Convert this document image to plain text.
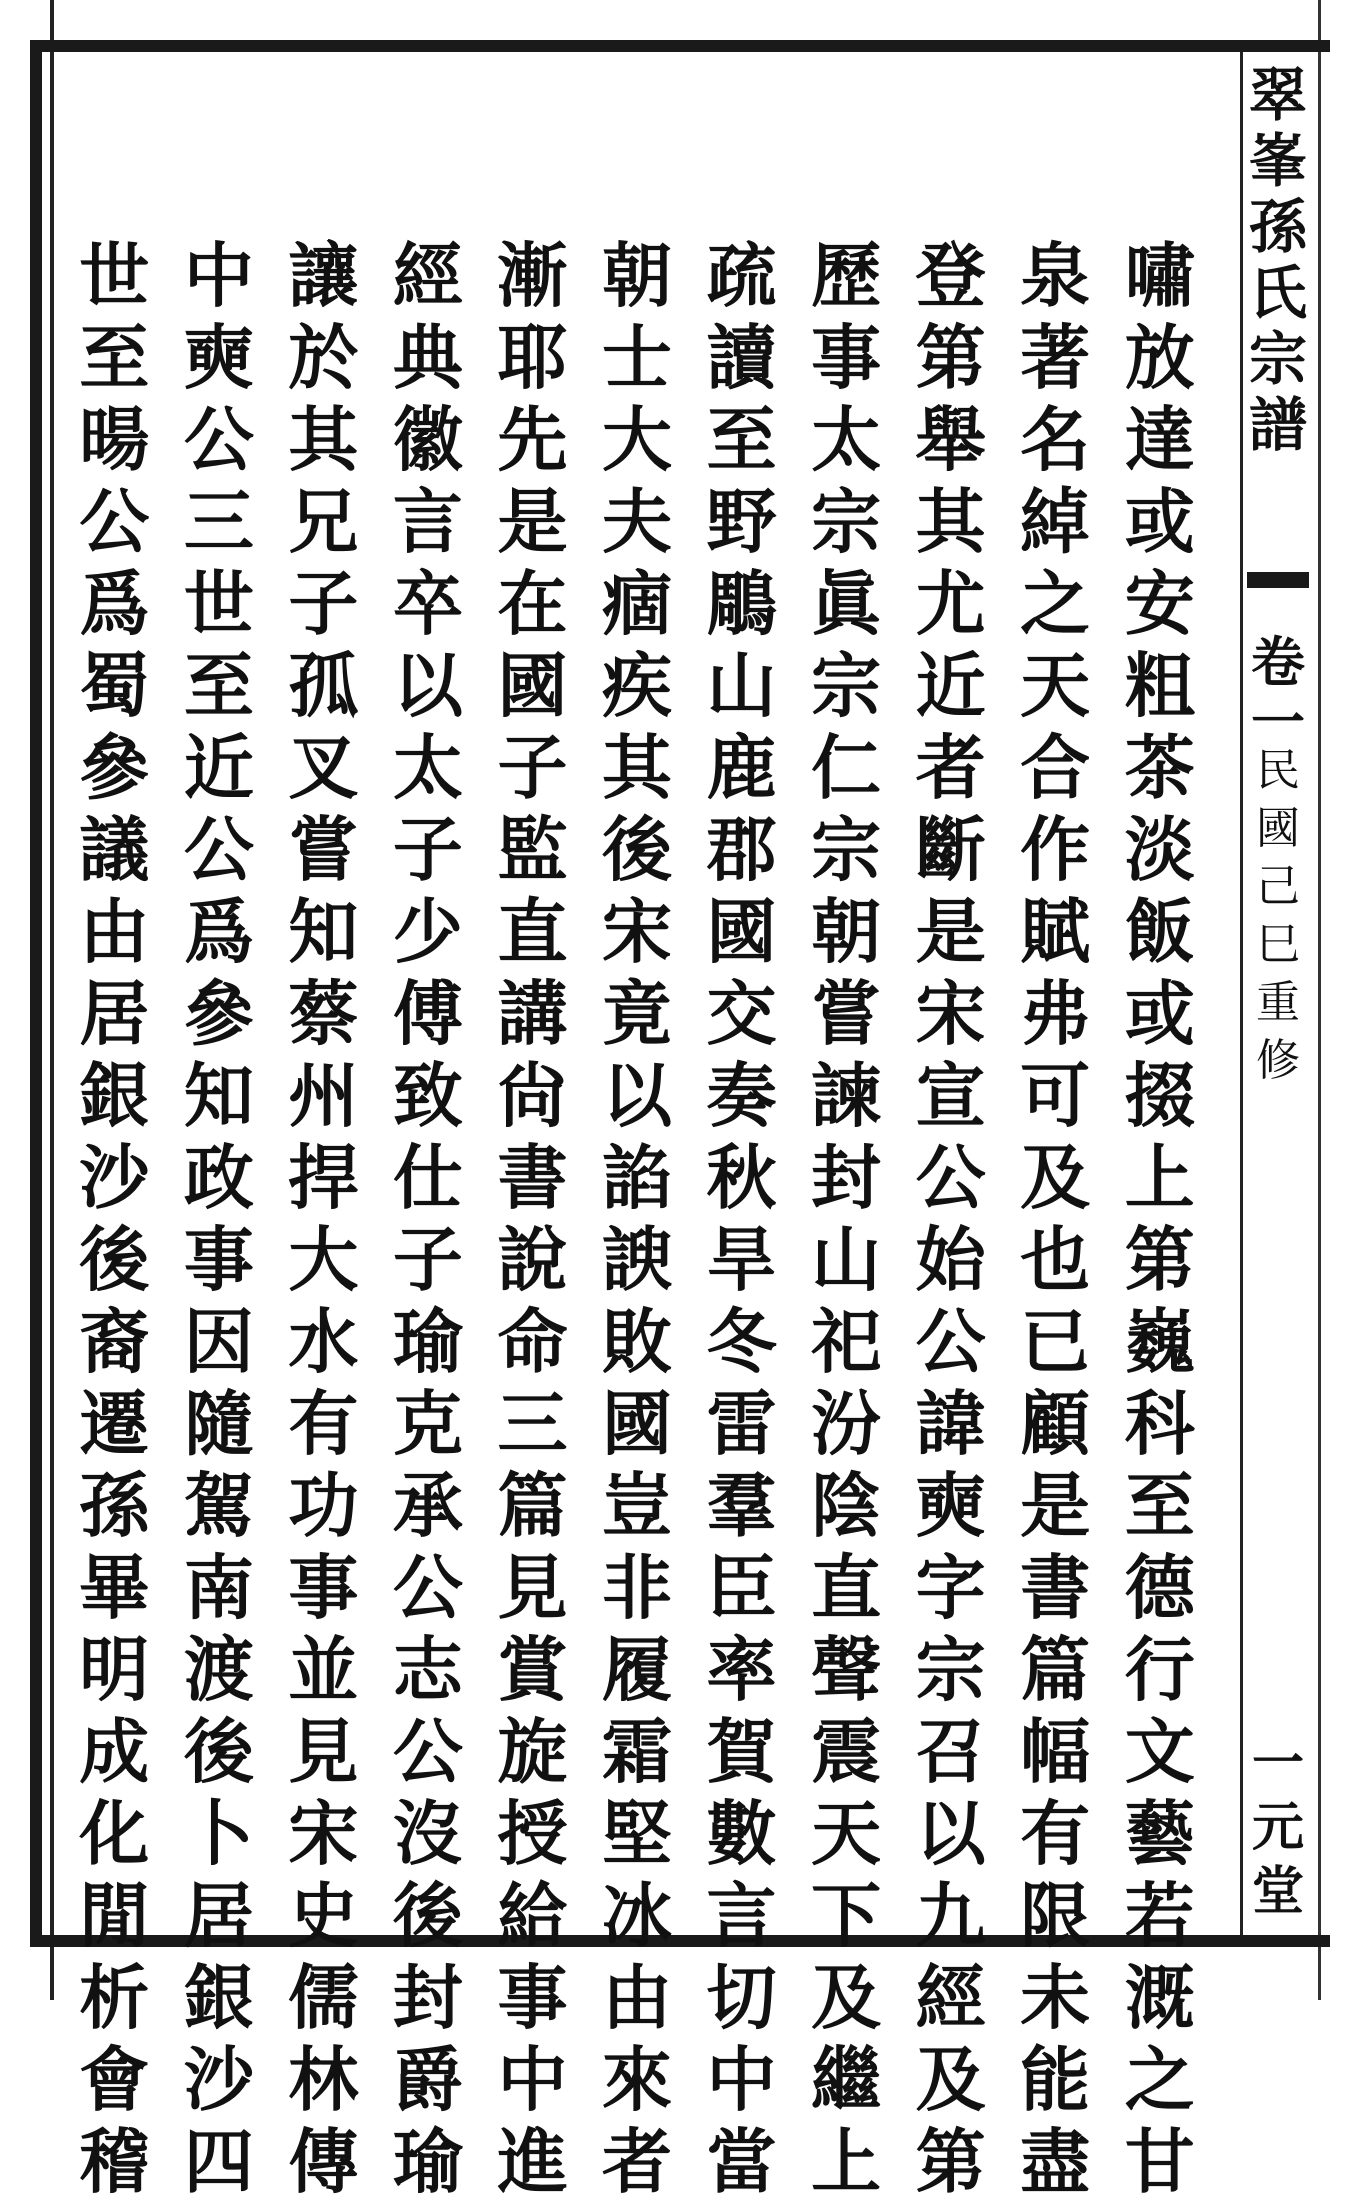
翠
峯
孫
氏
宗
譜
卷
一
民
國
己
巳
重
修
一
元
堂
嘯
放
達
或
安
粗
茶
淡
飯
或
掇
上
第
巍
科
至
德
行
文
藝
若
溉
之
甘
泉
著
名
綽
之
天
合
作
賦
弗
可
及
也
已
顧
是
書
篇
幅
有
限
未
能
盡
登
第
舉
其
尤
近
者
斷
是
宋
宣
公
始
公
諱
奭
字
宗
召
以
九
經
及
第
歷
事
太
宗
眞
宗
仁
宗
朝
嘗
諫
封
山
祀
汾
陰
直
聲
震
天
下
及
繼
上
疏
讀
至
野
鵰
山
鹿
郡
國
交
奏
秋
旱
冬
雷
羣
臣
率
賀
數
言
切
中
當
朝
士
大
夫
痼
疾
其
後
宋
竟
以
諂
諛
敗
國
豈
非
履
霜
堅
冰
由
來
者
漸
耶
先
是
在
國
子
監
直
講
尙
書
說
命
三
篇
見
賞
旋
授
給
事
中
進
經
典
徽
言
卒
以
太
子
少
傅
致
仕
子
瑜
克
承
公
志
公
沒
後
封
爵
瑜
讓
於
其
兄
子
孤
叉
嘗
知
蔡
州
捍
大
水
有
功
事
並
見
宋
史
儒
林
傳
中
奭
公
三
世
至
近
公
爲
參
知
政
事
因
隨
駕
南
渡
後
卜
居
銀
沙
四
世
至
暘
公
爲
蜀
參
議
由
居
銀
沙
後
裔
遷
孫
畢
明
成
化
閒
析
會
稽
